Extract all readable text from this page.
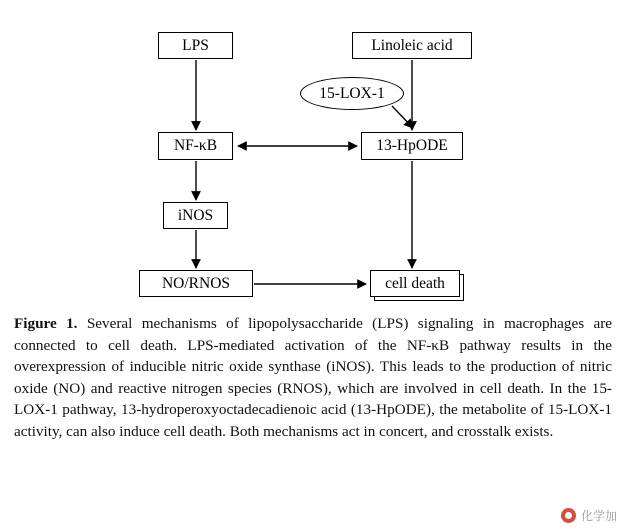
LPS	Linoleic acid
15-LOX-1
NF-κB	13-HpODE
iNOS
NO/RNOS	cell death
Figure 1. Several mechanisms of lipopolysaccharide (LPS) signaling in macrophages are connected to cell death. LPS-mediated activation of the NF-κB pathway results in the overexpression of inducible nitric oxide synthase (iNOS). This leads to the production of nitric oxide (NO) and reactive nitrogen species (RNOS), which are involved in cell death. In the 15-LOX-1 pathway, 13-hydroperoxyoctadecadienoic acid (13-HpODE), the metabolite of 15-LOX-1 activity, can also induce cell death. Both mechanisms act in concert, and crosstalk exists.
化学加
